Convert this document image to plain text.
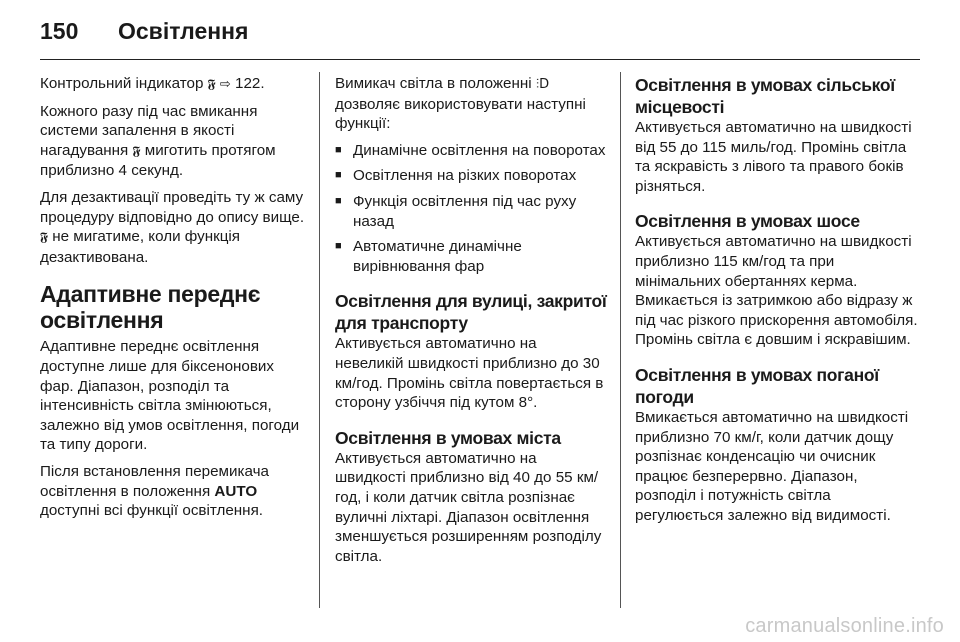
150 Освітлення

Контрольний індикатор 𝕱 ⇨ 122.

Кожного разу під час вмикання системи запалення в якості нагадування 𝕱 миготить протягом приблизно 4 секунд.

Для дезактивації проведіть ту ж саму процедуру відповідно до опису вище. 𝕱 не мигатиме, коли функція дезактивована.

Адаптивне переднє освітлення

Адаптивне переднє освітлення доступне лише для біксенонових фар. Діапазон, розподіл та інтенсивність світла змінюються, залежно від умов освітлення, погоди та типу дороги.

Після встановлення перемикача освітлення в положення AUTO доступні всі функції освітлення.

Вимикач світла в положенні ⫶D дозволяє використовувати наступні функції:

■ Динамічне освітлення на поворотах
■ Освітлення на різких поворотах
■ Функція освітлення під час руху назад
■ Автоматичне динамічне вирівнювання фар
Освітлення для вулиці, закритої для транспорту

Активується автоматично на невеликій швидкості приблизно до 30 км/год. Промінь світла повертається в сторону узбіччя під кутом 8°.

Освітлення в умовах міста

Активується автоматично на швидкості приблизно від 40 до 55 км/год, і коли датчик світла розпізнає вуличні ліхтарі. Діапазон освітлення зменшується розширенням розподілу світла.

Освітлення в умовах сільської місцевості

Активується автоматично на швидкості від 55 до 115 миль/год. Промінь світла та яскравість з лівого та правого боків різняться.

Освітлення в умовах шосе

Активується автоматично на швидкості приблизно 115 км/год та при мінімальних обертаннях керма. Вмикається із затримкою або відразу ж під час різкого прискорення автомобіля. Промінь світла є довшим і яскравішим.

Освітлення в умовах поганої погоди

Вмикається автоматично на швидкості приблизно 70 км/г, коли датчик дощу розпізнає конденсацію чи очисник працює безперервно. Діапазон, розподіл і потужність світла регулюється залежно від видимості.

carmanualsonline.info
